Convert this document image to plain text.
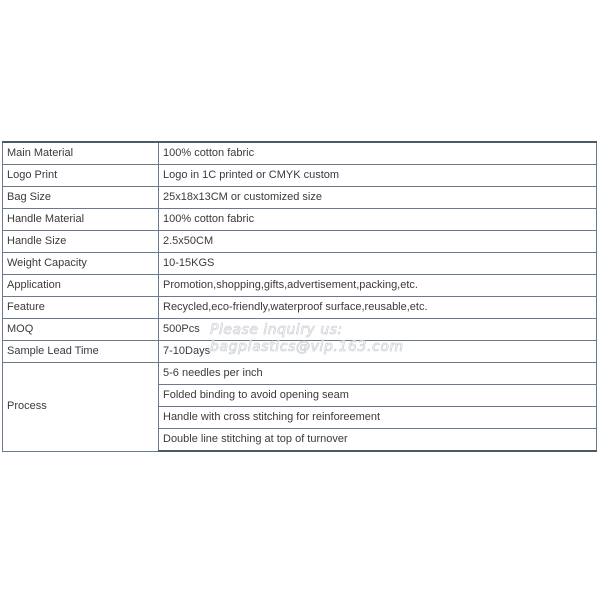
Main Material	100% cotton fabric
Logo Print	Logo in 1C printed or CMYK custom
Bag Size	25x18x13CM or customized size
Handle Material	100% cotton fabric
Handle Size	2.5x50CM
Weight Capacity	10-15KGS
Application	Promotion,shopping,gifts,advertisement,packing,etc.
Feature	Recycled,eco-friendly,waterproof surface,reusable,etc.
MOQ	500Pcs
Sample Lead Time	7-10Days
Process	5-6 needles per inch
	Folded binding to avoid opening seam
	Handle with cross stitching for reinforeement
	Double line stitching at top of turnover
Please inquiry us:
bagplastics@vip.163.com
